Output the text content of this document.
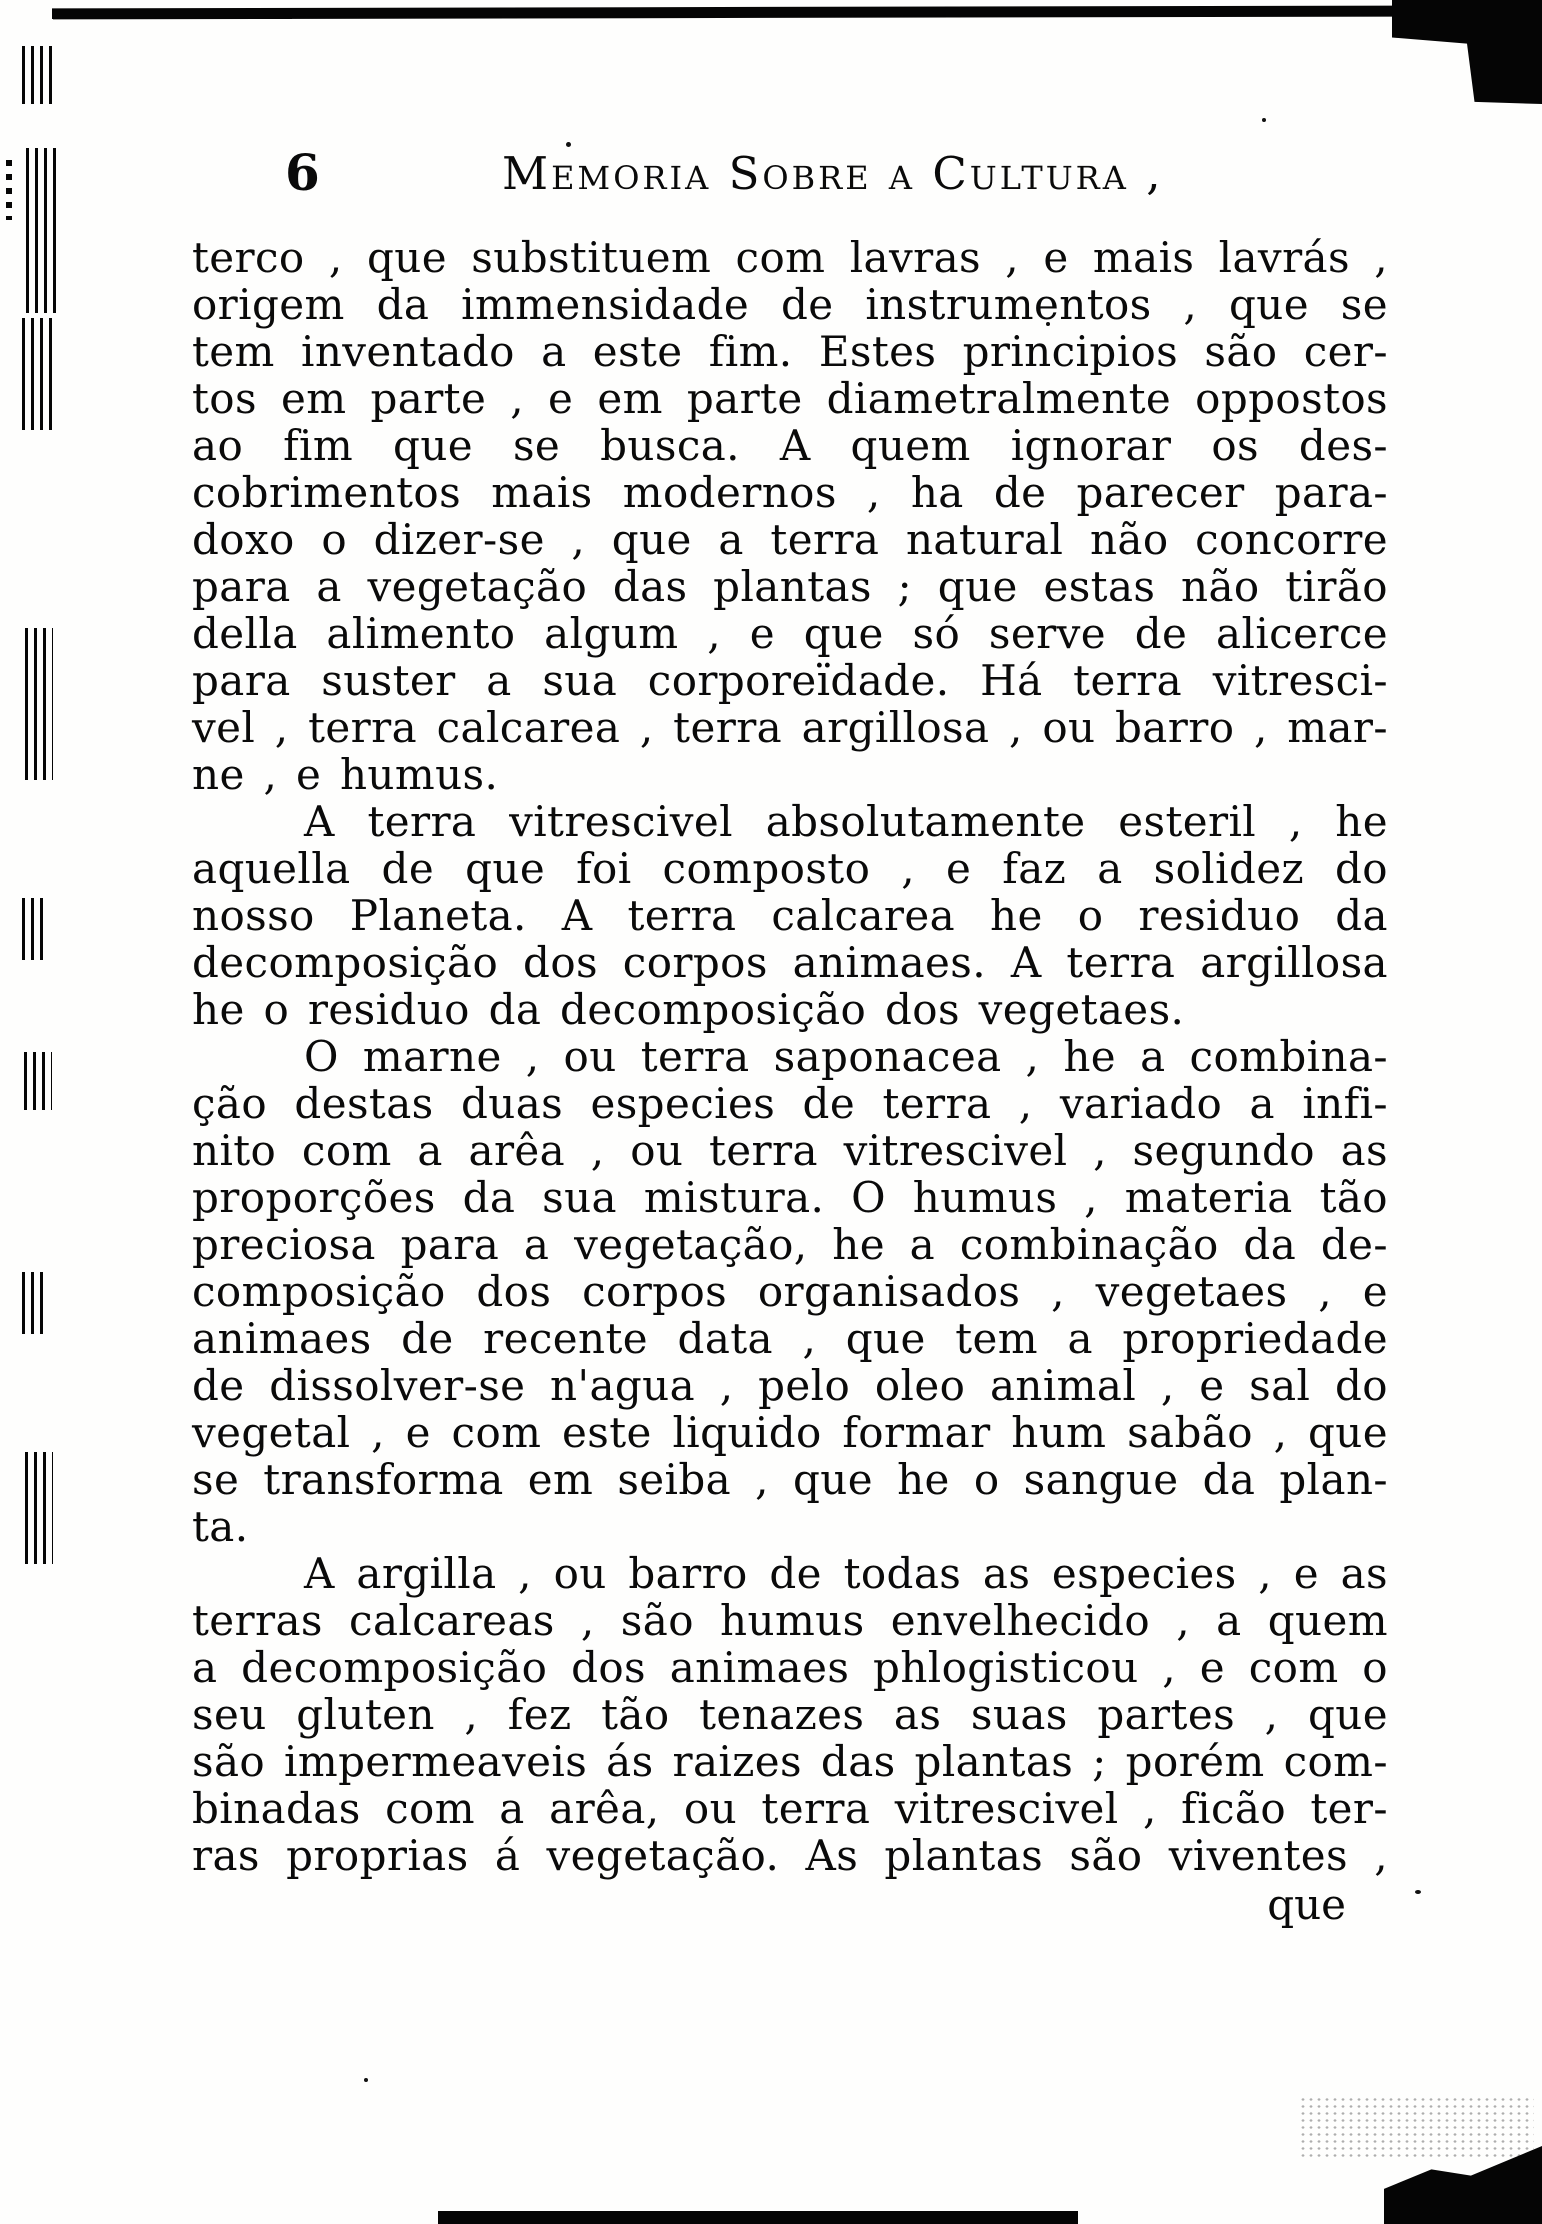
6	Memoria Sobre a Cultura ,
terco , que substituem com lavras , e mais lavrás ,
origem da immensidade de instrumentos , que se
tem inventado a este fim. Estes principios são cer-
tos em parte , e em parte diametralmente oppostos
ao fim que se busca. A quem ignorar os des-
cobrimentos mais modernos , ha de parecer para-
doxo o dizer-se , que a terra natural não concorre
para a vegetação das plantas ; que estas não tirão
della alimento algum , e que só serve de alicerce
para suster a sua corporeïdade. Há terra vitresci-
vel , terra calcarea , terra argillosa , ou barro , mar-
ne , e humus.
A terra vitrescivel absolutamente esteril , he
aquella de que foi composto , e faz a solidez do
nosso Planeta. A terra calcarea he o residuo da
decomposição dos corpos animaes. A terra argillosa
he o residuo da decomposição dos vegetaes.
O marne , ou terra saponacea , he a combina-
ção destas duas especies de terra , variado a infi-
nito com a arêa , ou terra vitrescivel , segundo as
proporções da sua mistura. O humus , materia tão
preciosa para a vegetação, he a combinação da de-
composição dos corpos organisados , vegetaes , e
animaes de recente data , que tem a propriedade
de dissolver-se n'agua , pelo oleo animal , e sal do
vegetal , e com este liquido formar hum sabão , que
se transforma em seiba , que he o sangue da plan-
ta.
A argilla , ou barro de todas as especies , e as
terras calcareas , são humus envelhecido , a quem
a decomposição dos animaes phlogisticou , e com o
seu gluten , fez tão tenazes as suas partes , que
são impermeaveis ás raizes das plantas ; porém com-
binadas com a arêa, ou terra vitrescivel , ficão ter-
ras proprias á vegetação. As plantas são viventes ,
que
